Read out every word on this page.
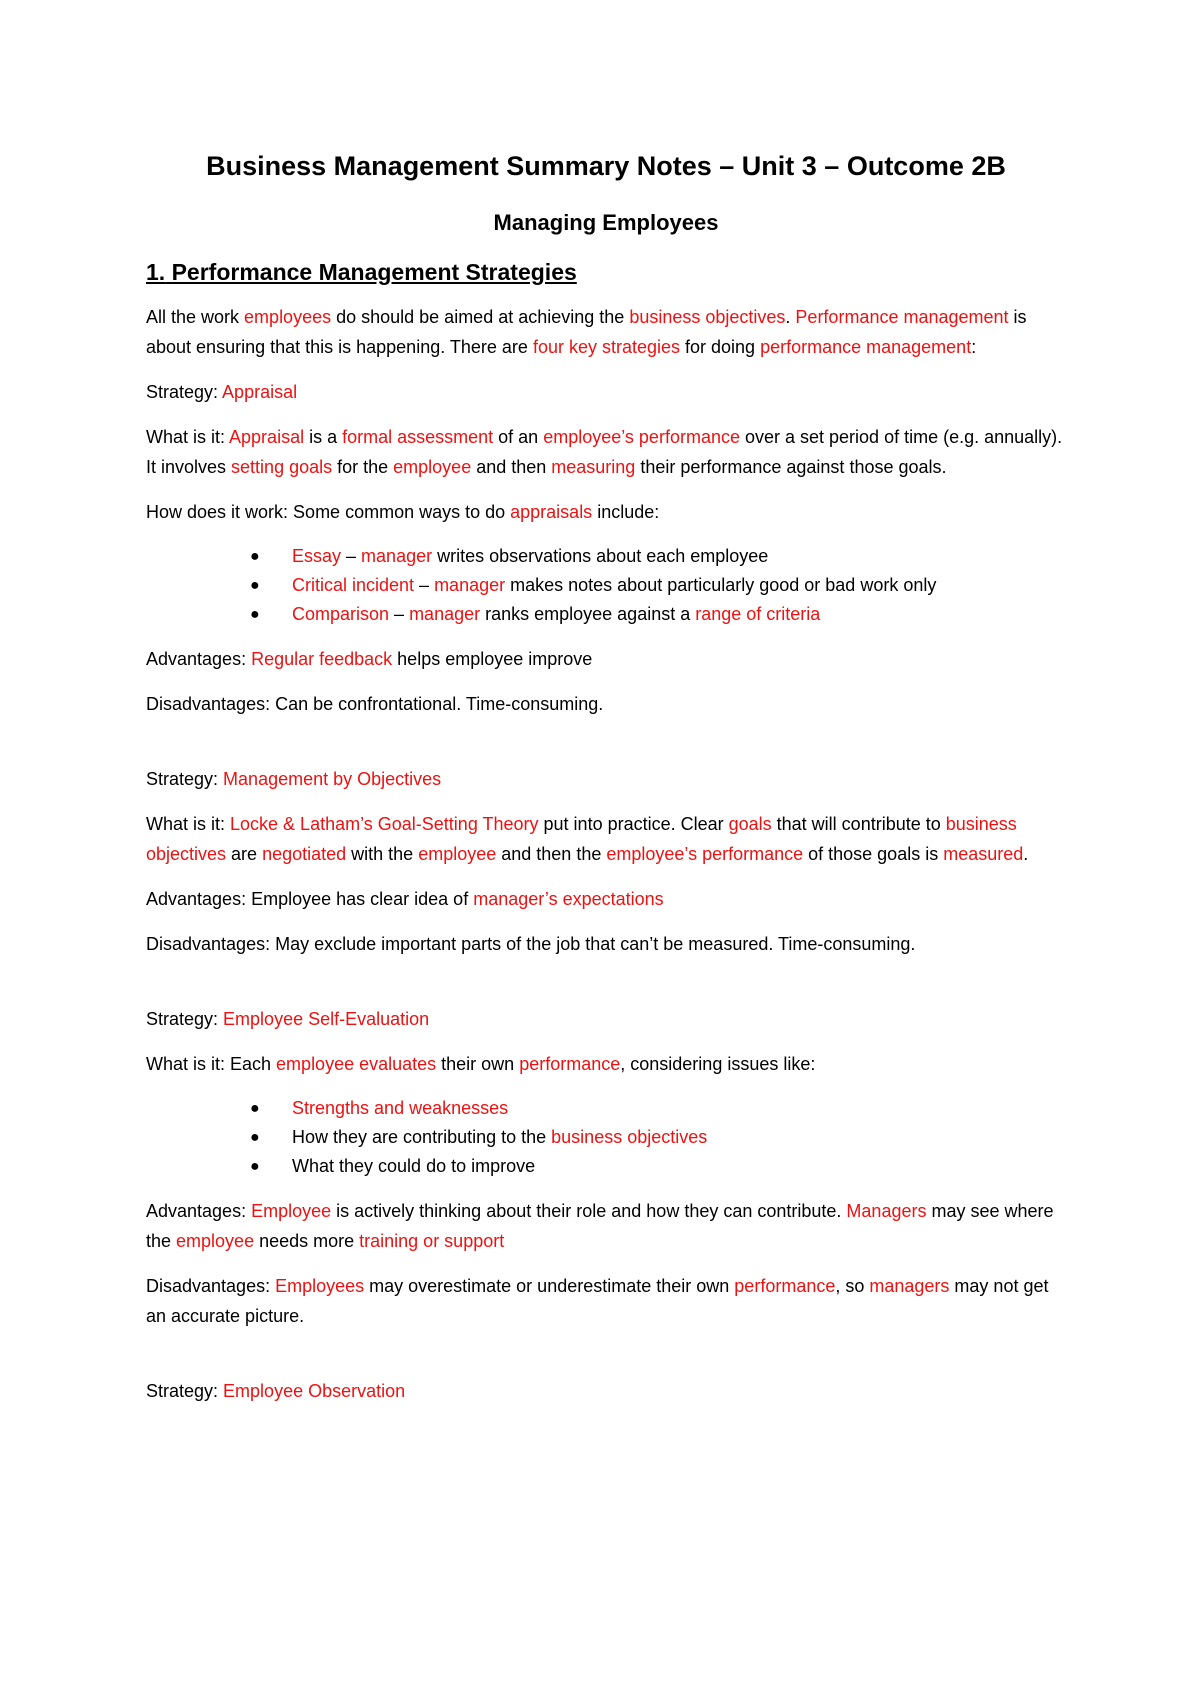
Business Management Summary Notes – Unit 3 – Outcome 2B
Managing Employees
1. Performance Management Strategies

All the work employees do should be aimed at achieving the business objectives. Performance management is about ensuring that this is happening. There are four key strategies for doing performance management:

Strategy: Appraisal

What is it: Appraisal is a formal assessment of an employee’s performance over a set period of time (e.g. annually). It involves setting goals for the employee and then measuring their performance against those goals.

How does it work: Some common ways to do appraisals include:

● Essay – manager writes observations about each employee
● Critical incident – manager makes notes about particularly good or bad work only
● Comparison – manager ranks employee against a range of criteria

Advantages: Regular feedback helps employee improve

Disadvantages: Can be confrontational. Time-consuming.

Strategy: Management by Objectives

What is it: Locke & Latham’s Goal-Setting Theory put into practice. Clear goals that will contribute to business objectives are negotiated with the employee and then the employee’s performance of those goals is measured.

Advantages: Employee has clear idea of manager’s expectations

Disadvantages: May exclude important parts of the job that can’t be measured. Time-consuming.

Strategy: Employee Self-Evaluation

What is it: Each employee evaluates their own performance, considering issues like:

● Strengths and weaknesses
● How they are contributing to the business objectives
● What they could do to improve

Advantages: Employee is actively thinking about their role and how they can contribute. Managers may see where the employee needs more training or support

Disadvantages: Employees may overestimate or underestimate their own performance, so managers may not get an accurate picture.

Strategy: Employee Observation
